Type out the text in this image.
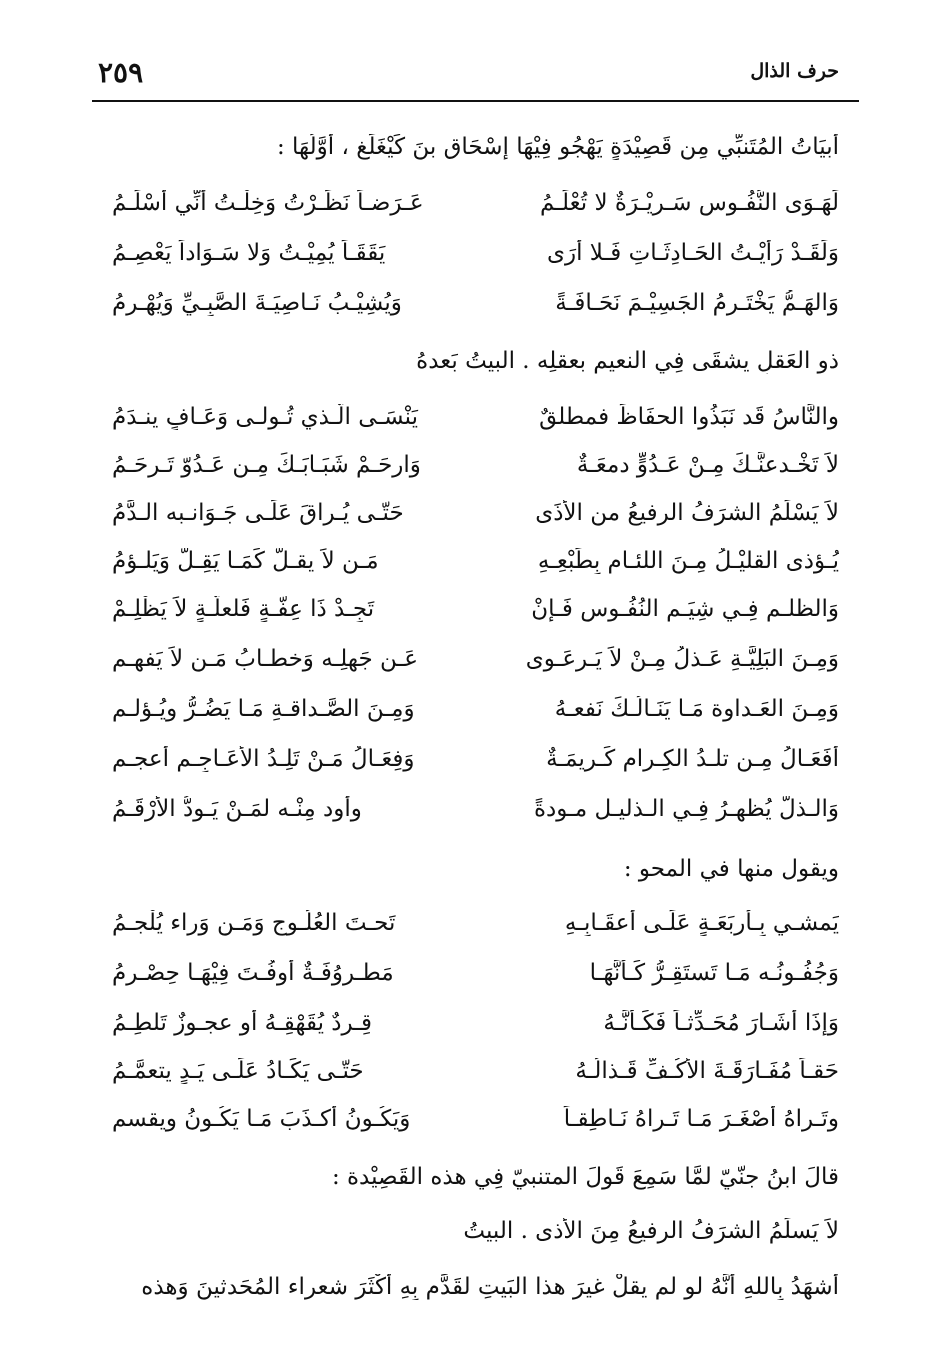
حرف الذال
٢٥٩
أبيَاتُ المُتَنبِّي مِن قَصِيْدَةٍ يَهْجُو فِيْهَا إسْحَاق بنَ كَيْغَلَغ ، أوَّلُهَا :
لَهَـوَى النُّفُـوسِ سَـرِيْـرَةٌ لا تُعْلَـمُ
عَـرَضـاً نَظَـرْتُ وَخِلْـتُ أنِّي أسْلَـمُ
وَلَقَـدْ رَأيْـتُ الحَـادِثَـاتِ فَـلا أرَى
يَقَقَـاً يُمِيْـتُ وَلا سَـوَاداً يَعْصِـمُ
وَالهَـمُّ يَخْتَـرِمُ الجَسِيْـمَ نَحَـافَـةً
وَيُشِيْـبُ نَـاصِيَـةَ الصَّبِـيِّ وَيُهْـرِمُ
ذو العَقلِ يشقَى فِي النعيمِ بعقلِه . البيتُ بَعدهُ
والنَّاسُ قَد نَبَذُوا الحفَاظَ فمطلقٌ
يَنْسَـى الَّـذي تُـولـى وَعَـافٍ ينـدَمُ
لاَ تَخْـدعنَّـكَ مِـنْ عَـدُوٍّ دمعَـةٌ
وَارحَـمْ شَبَـابَـكَ مِـن عَـدُوّ تَـرحَـمُ
لاَ يَسْلَمُ الشرَفُ الرفيعُ من الأذَى
حَتّـى يُـراقَ عَلَـى جَـوَانـبه الـدَّمُ
يُـؤذى القليْـلُ مِـنَ اللئـام بِطَبْعِـهِ
مَـن لاَ يقـلُّ كَمَـا يَقِـلُّ وَيَلـؤمُ
وَالظلـم فِـي شِيَـم النُفُـوس فَـإنْ
تَجِـدْ ذَا عِفَّـةٍ فَلعلَّـةٍ لاَ يَظْلِـمْ
وَمِـنَ البَلِيَّـةِ عَـذلُ مِـنْ لاَ يَـرعَـوى
عَـن جَهلِـه وَخطـابُ مَـن لاَ يَفهـم
وَمِـنَ العَـداوة مَـا يَنَـالُـكَ نَفعـهُ
وَمِـنَ الصَّـداقـةِ مَـا يَضُـرُّ ويُـؤلـم
أفَعَـالُ مِـن تلـدُ الكِـرام كَـريمَـةٌ
وَفِعَـالُ مَـنْ تَلِـدُ الأعَـاجِـم أعجـم
وَالـذلُّ يُظهِـرُ فِـي الـذليـل مـودةً
وأود مِنْـه لمَـنْ يَـودُّ الأرْقَـمُ
ويقول منها في المحو :
يَمشـي بِـأربَعَـةٍ عَلَـى أعقَـابِـهِ
تَحـتَ العُلُـوجِ وَمَـن وَراء يُلْجـمُ
وَجُفُـونُـه مَـا تَستَقِـرُّ كَـأنَّهَـا
مَطـروُفَـةٌ أوفُـتَ فِيْهَـا حِصْـرِمُ
وَإذَا أشَـارَ مُحَـدِّثـاً فَكَـأنَّـهُ
قِـردٌ يُقَهْقِـهُ أو عجـوزٌ تَلطِـمُ
حَقـاً مُفَـارَقَـةَ الأكُـفِّ قَـذالُـهُ
حَتّـى يَكَـادُ عَلَـى يَـدٍ يتعمَّـمُ
وتَـراهُ أصْغَـرَ مَـا تَـراهُ نَـاطِقـاً
وَيَكُـونُ أكـذَبَ مَـا يَكُـونُ ويقسم
قالَ ابنُ جنّيّ لمَّا سَمِعَ قَولَ المتنبيّ فِي هذه القَصِيْدة :
لاَ يَسلَمُ الشرَفُ الرفيعُ مِنَ الأذى . البيتُ
أَشهَدُ بِاللهِ أَنَّهُ لو لم يقلْ غيرَ هذا البَيتِ لقَدَّم بِهِ أكْثَرَ شعراء المُحَدثينَ وَهذه
